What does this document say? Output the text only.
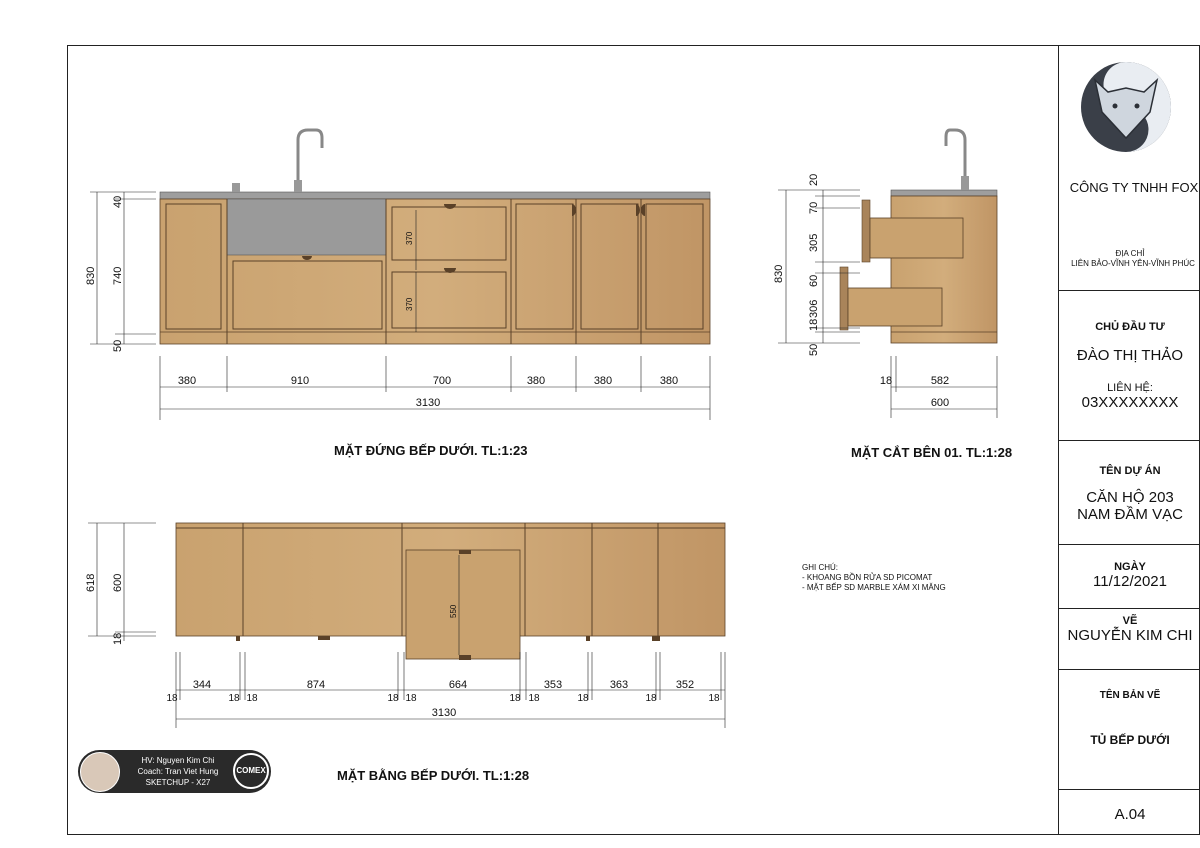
370
370
830
40
740
50
380	910	700	380	380	380
3130
830
20
70
305
60
306
18
50
18	582
600
550
618 600
18
344	874	664	353	363	352
3130
18	18 18	18 18	18 18	18	18	18
MẶT ĐỨNG BẾP DƯỚI. TL:1:23	MẶT CẮT BÊN 01. TL:1:28
MẶT BẰNG BẾP DƯỚI. TL:1:28
GHI CHÚ:
- KHOANG BỒN RỬA SD PICOMAT
- MẶT BẾP SD MARBLE XÁM XI MĂNG
HV: Nguyen Kim Chi
Coach: Tran Viet Hung
SKETCHUP - X27
COMEX
CÔNG TY TNHH FOX
ĐỊA CHỈ
LIÊN BẢO-VĨNH YÊN-VĨNH PHÚC
CHỦ ĐẦU TƯ
ĐÀO THỊ THẢO
LIÊN HỆ:
03XXXXXXXX
TÊN DỰ ÁN
CĂN HỘ 203
NAM ĐẦM VẠC
NGÀY
11/12/2021
VẼ
NGUYỄN KIM CHI
TÊN BẢN VẼ
TỦ BẾP DƯỚI
A.04
